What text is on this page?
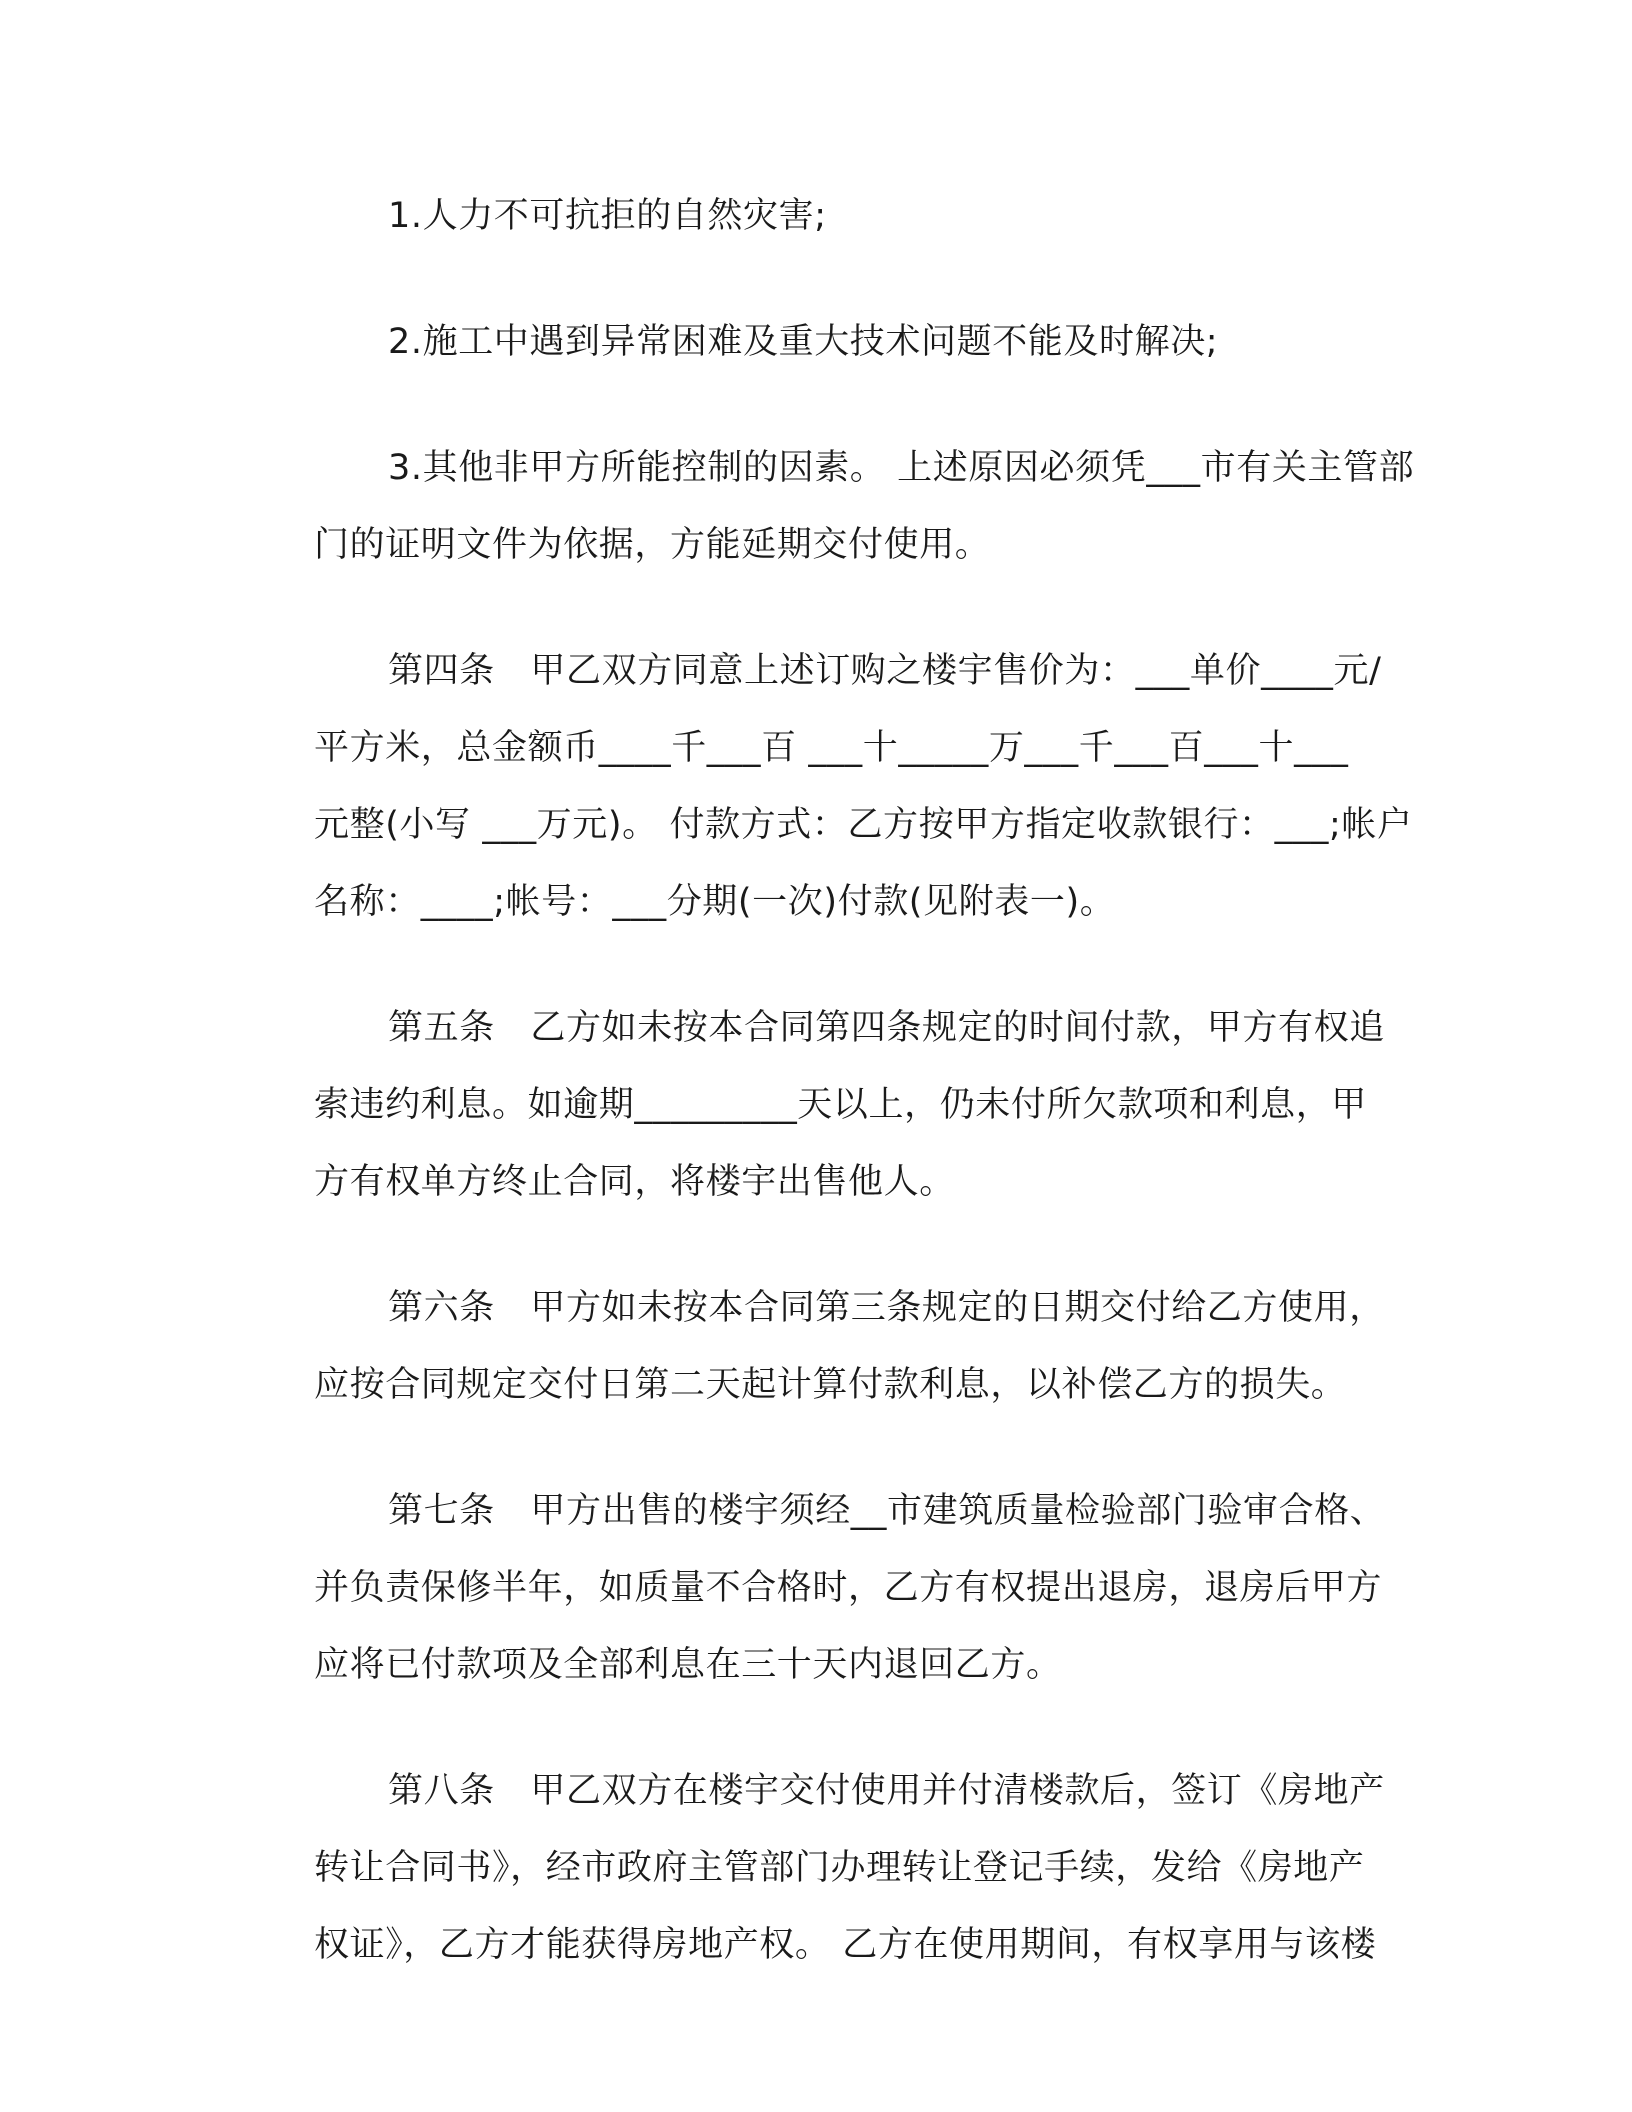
1.人力不可抗拒的自然灾害;
2.施工中遇到异常困难及重大技术问题不能及时解决;
3.其他非甲方所能控制的因素。 上述原因必须凭___市有关主管部
门的证明文件为依据，方能延期交付使用。
第四条　甲乙双方同意上述订购之楼宇售价为：___单价____元/
平方米，总金额币____千___百 ___十_____万___千___百___十___
元整(小写 ___万元)。 付款方式：乙方按甲方指定收款银行：___;帐户
名称：____;帐号：___分期(一次)付款(见附表一)。
第五条　乙方如未按本合同第四条规定的时间付款，甲方有权追
索违约利息。如逾期_________天以上，仍未付所欠款项和利息，甲
方有权单方终止合同，将楼宇出售他人。
第六条　甲方如未按本合同第三条规定的日期交付给乙方使用，
应按合同规定交付日第二天起计算付款利息，以补偿乙方的损失。
第七条　甲方出售的楼宇须经__市建筑质量检验部门验审合格、
并负责保修半年，如质量不合格时，乙方有权提出退房，退房后甲方
应将已付款项及全部利息在三十天内退回乙方。
第八条　甲乙双方在楼宇交付使用并付清楼款后，签订《房地产
转让合同书》，经市政府主管部门办理转让登记手续，发给《房地产
权证》，乙方才能获得房地产权。 乙方在使用期间，有权享用与该楼
